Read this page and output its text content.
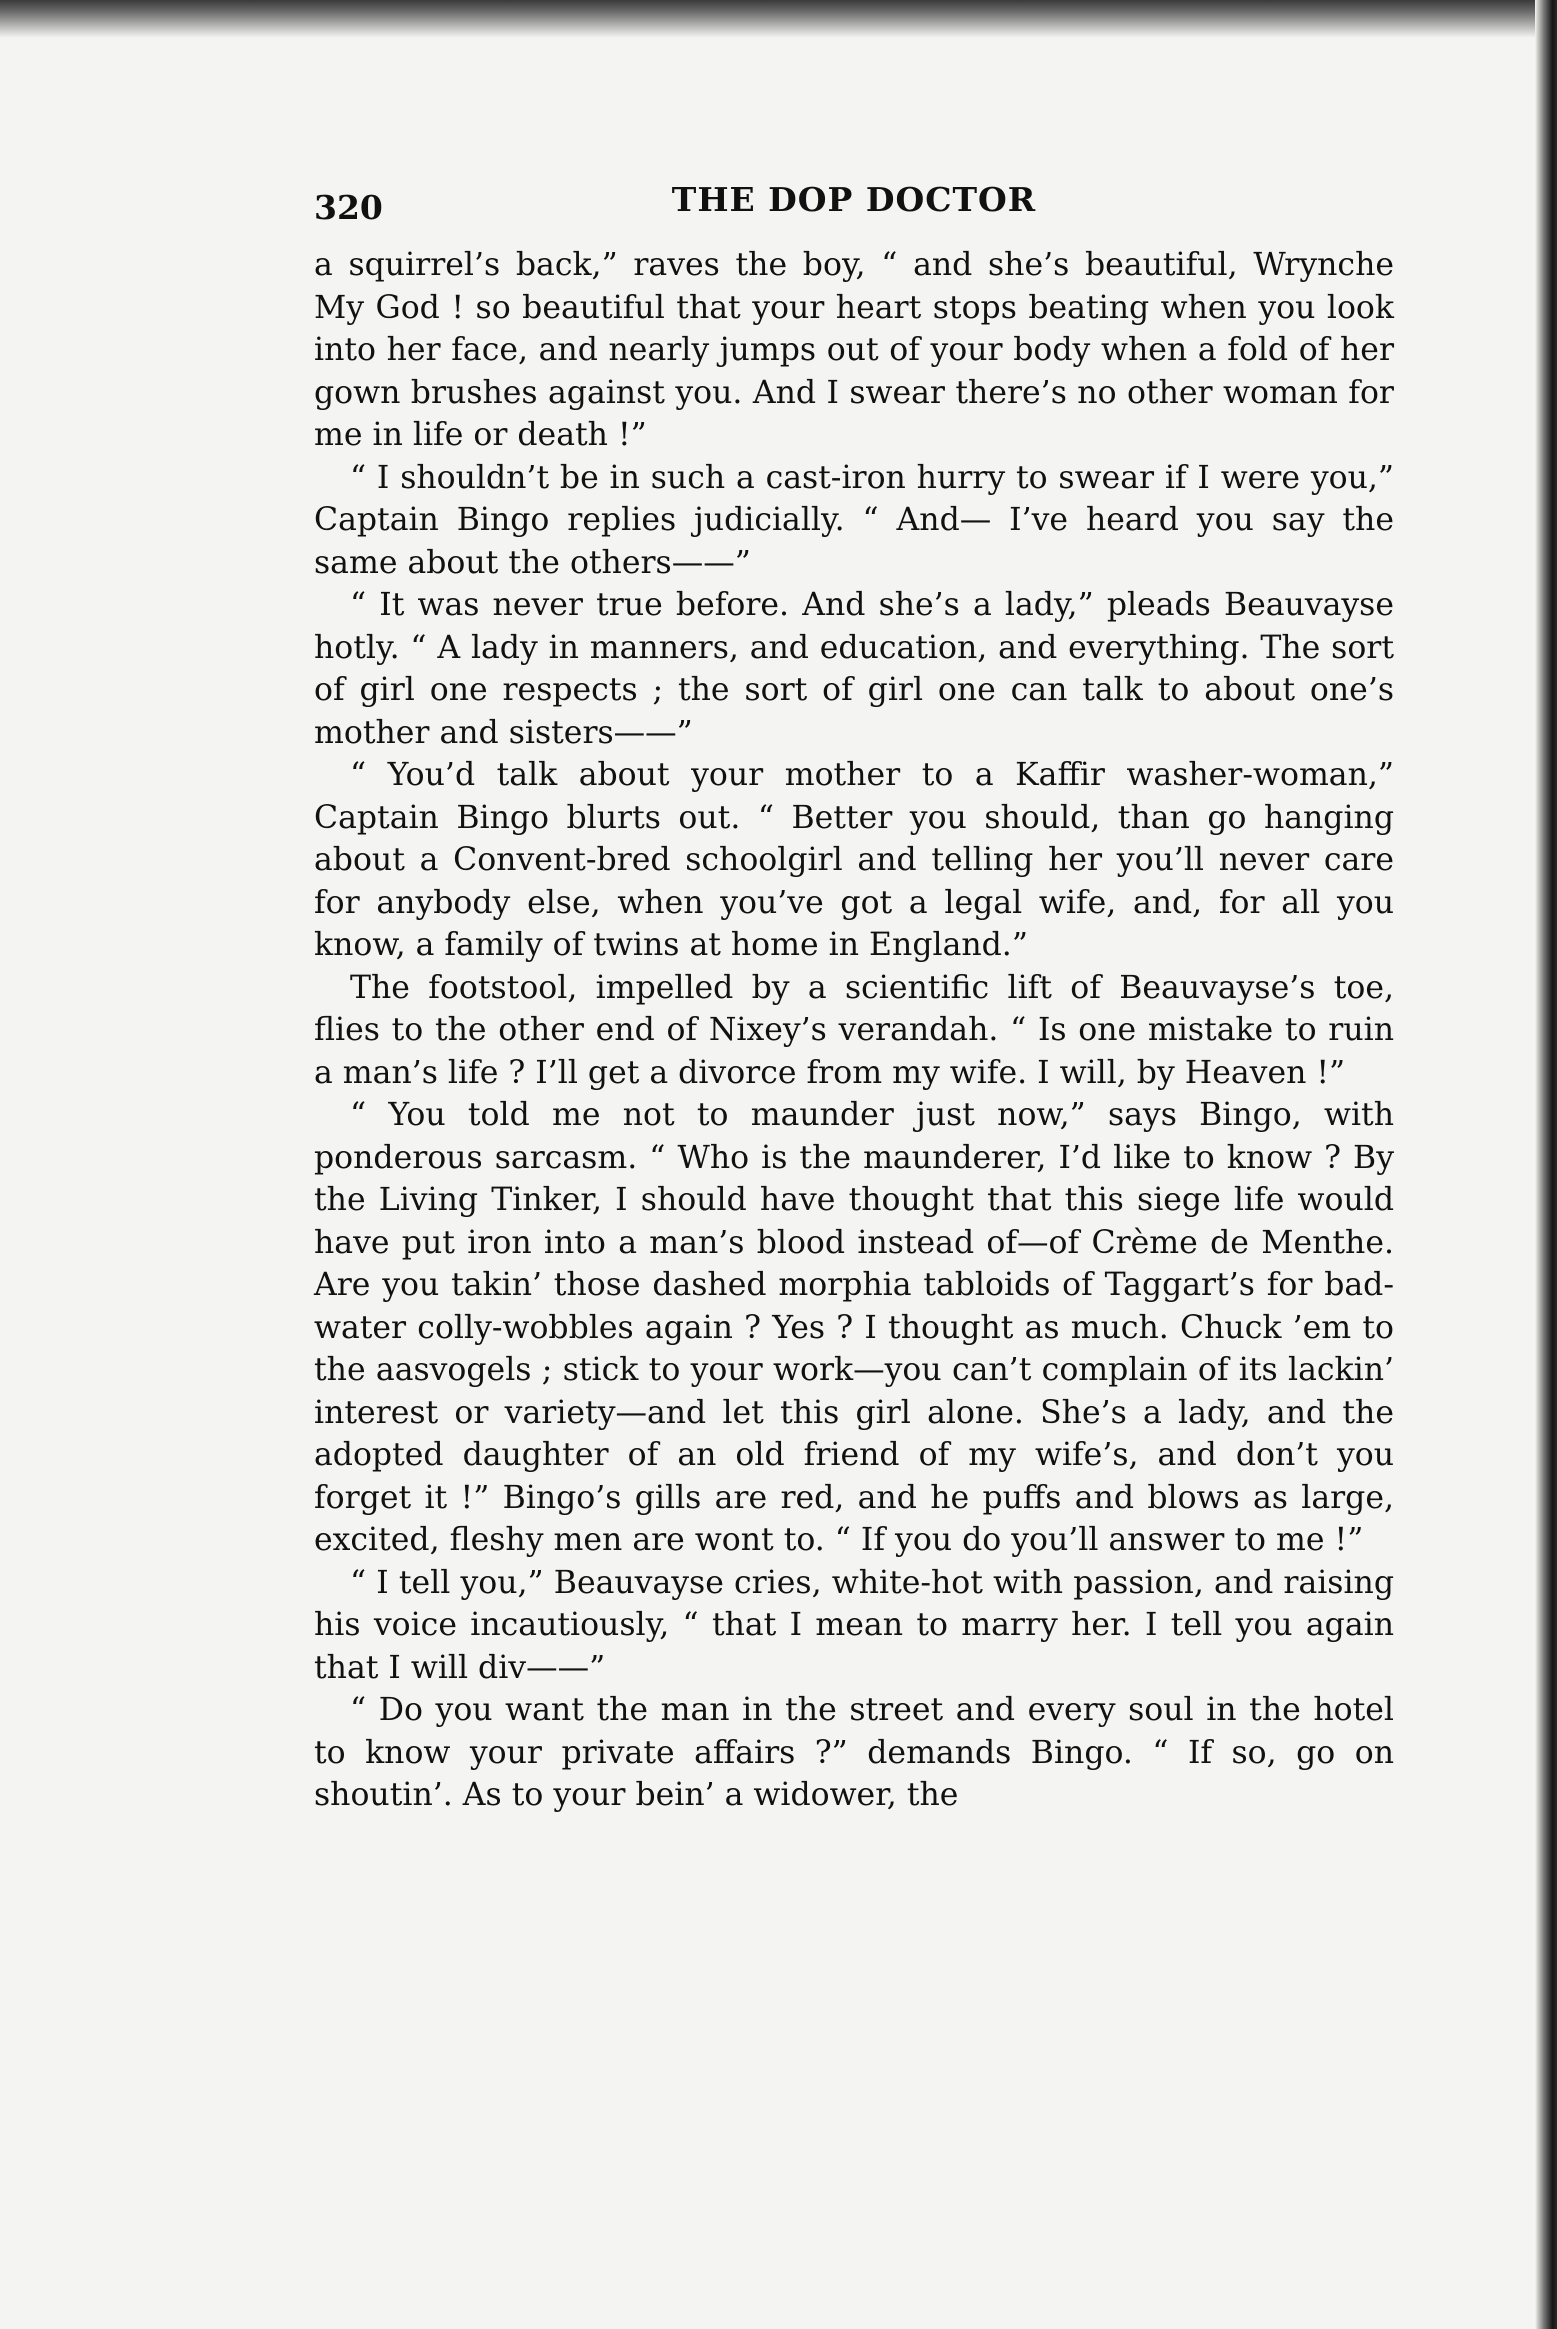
320	THE DOP DOCTOR

a squirrel’s back,” raves the boy, “ and she’s beautiful, Wrynche My God ! so beautiful that your heart stops beating when you look into her face, and nearly jumps out of your body when a fold of her gown brushes against you. And I swear there’s no other woman for me in life or death !”

“ I shouldn’t be in such a cast-iron hurry to swear if I were you,” Captain Bingo replies judicially. “ And— I’ve heard you say the same about the others——”

“ It was never true before. And she’s a lady,” pleads Beauvayse hotly. “ A lady in manners, and education, and everything. The sort of girl one respects ; the sort of girl one can talk to about one’s mother and sisters——”

“ You’d talk about your mother to a Kaffir washer-woman,” Captain Bingo blurts out. “ Better you should, than go hanging about a Convent-bred schoolgirl and telling her you’ll never care for anybody else, when you’ve got a legal wife, and, for all you know, a family of twins at home in England.”

The footstool, impelled by a scientific lift of Beauvayse’s toe, flies to the other end of Nixey’s verandah. “ Is one mistake to ruin a man’s life ? I’ll get a divorce from my wife. I will, by Heaven !”

“ You told me not to maunder just now,” says Bingo, with ponderous sarcasm. “ Who is the maunderer, I’d like to know ? By the Living Tinker, I should have thought that this siege life would have put iron into a man’s blood instead of—of Crème de Menthe. Are you takin’ those dashed morphia tabloids of Taggart’s for bad-water colly-wobbles again ? Yes ? I thought as much. Chuck ’em to the aasvogels ; stick to your work—you can’t complain of its lackin’ interest or variety—and let this girl alone. She’s a lady, and the adopted daughter of an old friend of my wife’s, and don’t you forget it !” Bingo’s gills are red, and he puffs and blows as large, excited, fleshy men are wont to. “ If you do you’ll answer to me !”

“ I tell you,” Beauvayse cries, white-hot with passion, and raising his voice incautiously, “ that I mean to marry her. I tell you again that I will div——”

“ Do you want the man in the street and every soul in the hotel to know your private affairs ?” demands Bingo. “ If so, go on shoutin’. As to your bein’ a widower, the
